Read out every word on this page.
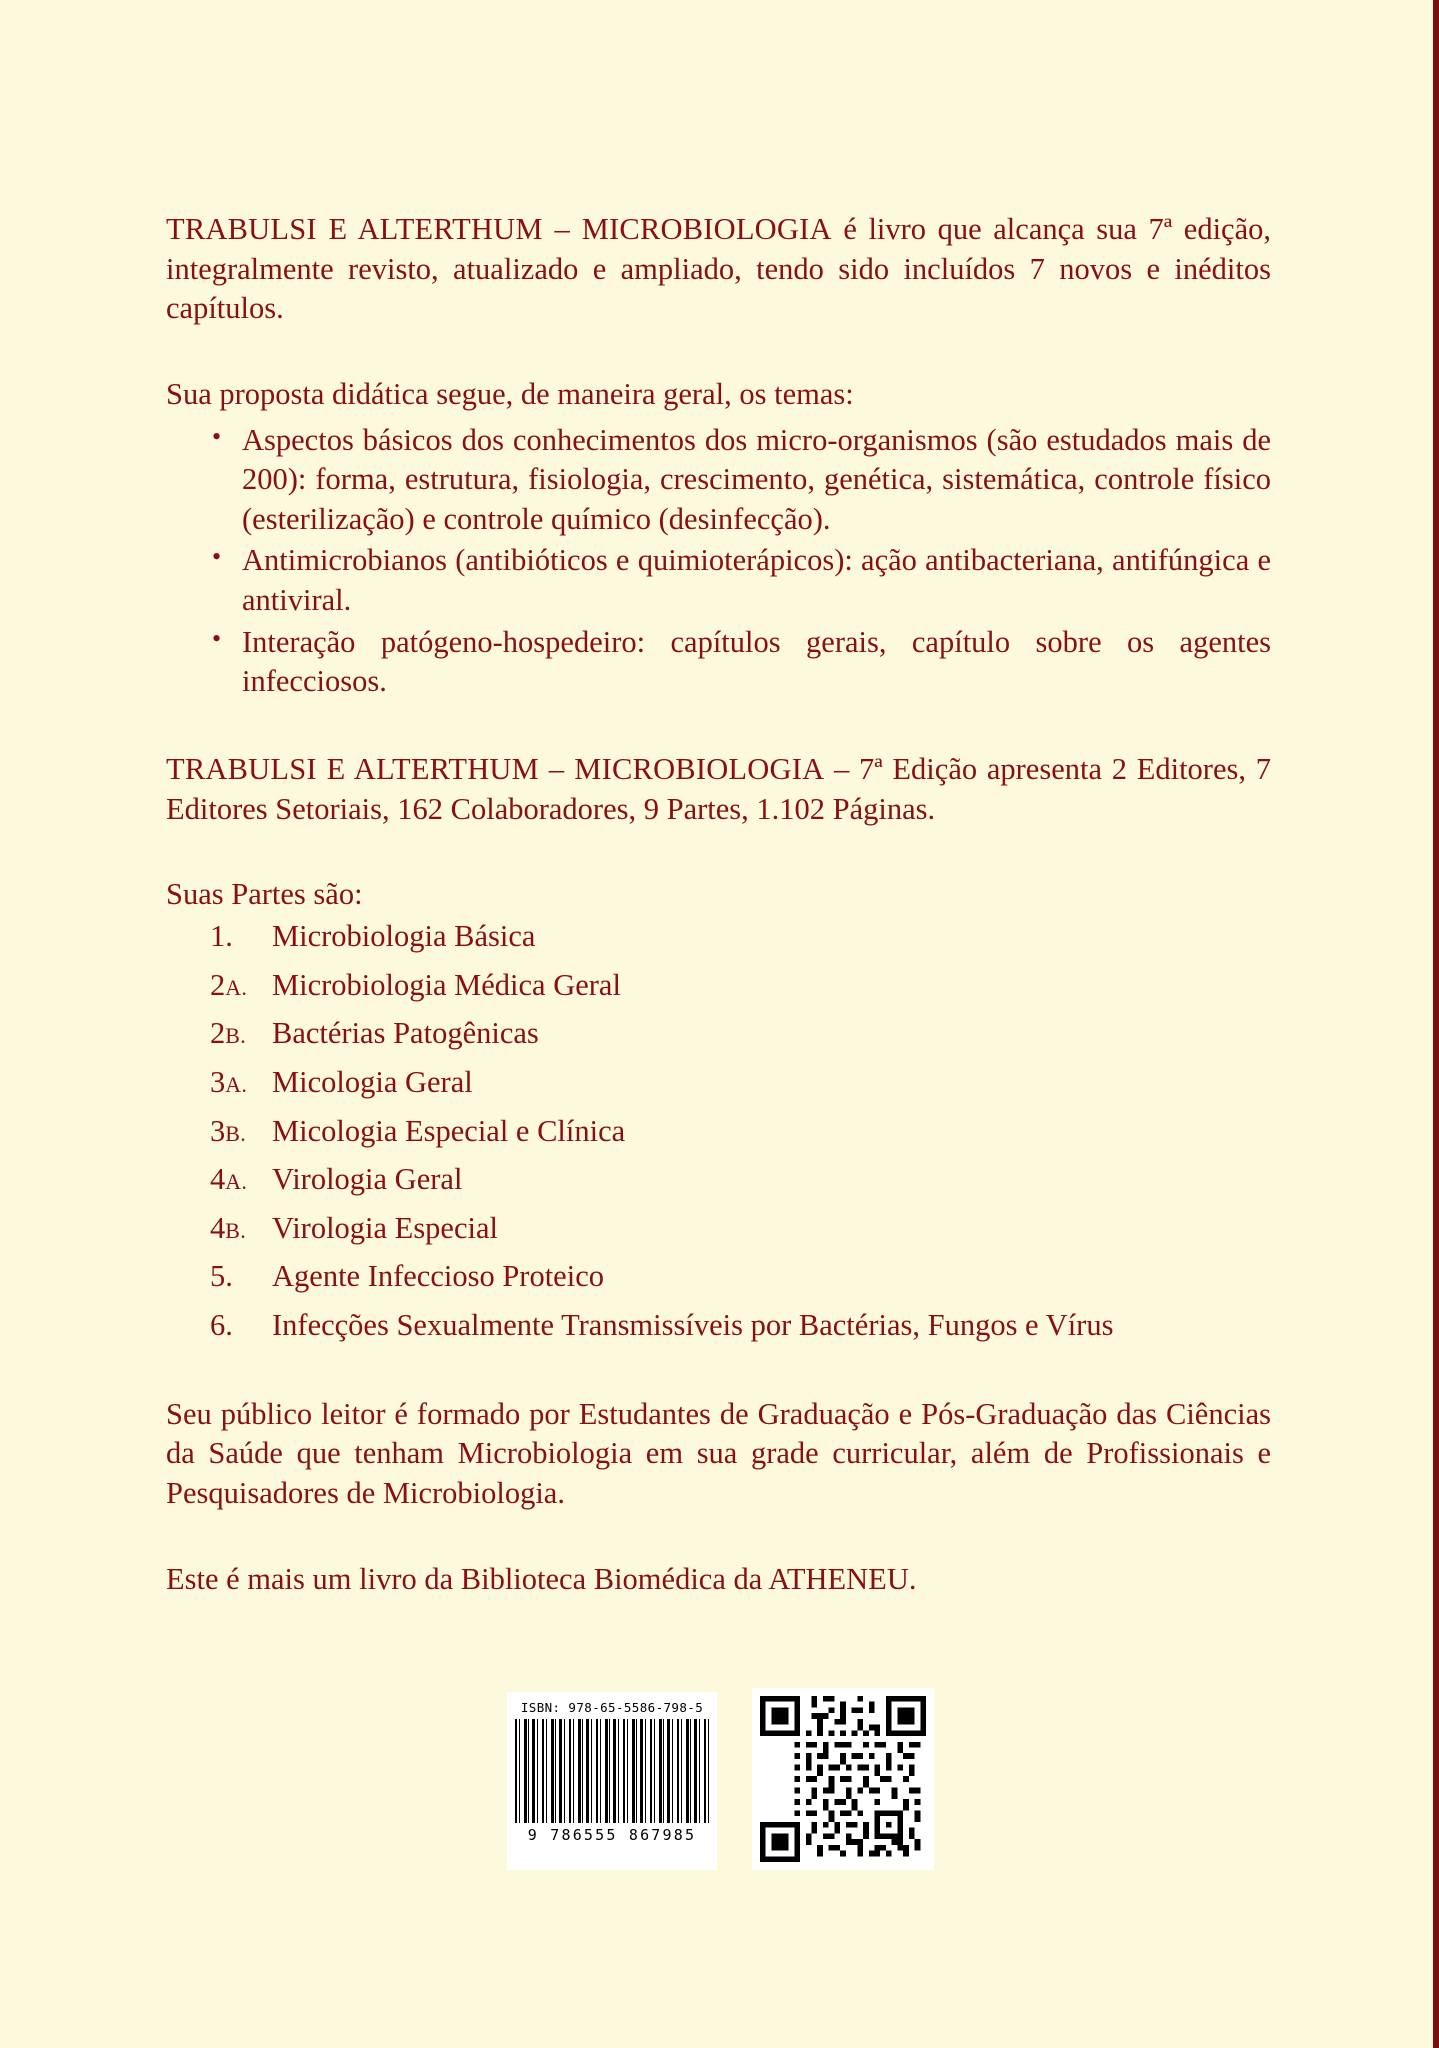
TRABULSI E ALTERTHUM – MICROBIOLOGIA é livro que alcança sua 7ª edição, integralmente revisto, atualizado e ampliado, tendo sido incluídos 7 novos e inéditos capítulos.

Sua proposta didática segue, de maneira geral, os temas:

• Aspectos básicos dos conhecimentos dos micro-organismos (são estudados mais de 200): forma, estrutura, fisiologia, crescimento, genética, sistemática, controle físico (esterilização) e controle químico (desinfecção).
• Antimicrobianos (antibióticos e quimioterápicos): ação antibacteriana, antifúngica e antiviral.
• Interação patógeno-hospedeiro: capítulos gerais, capítulo sobre os agentes infecciosos.

TRABULSI E ALTERTHUM – MICROBIOLOGIA – 7ª Edição apresenta 2 Editores, 7 Editores Setoriais, 162 Colaboradores, 9 Partes, 1.102 Páginas.

Suas Partes são:

1.	Microbiologia Básica
2A. Microbiologia Médica Geral
2B. Bactérias Patogênicas
3A. Micologia Geral
3B. Micologia Especial e Clínica
4A. Virologia Geral
4B. Virologia Especial
5.	Agente Infeccioso Proteico
6.	Infecções Sexualmente Transmissíveis por Bactérias, Fungos e Vírus

Seu público leitor é formado por Estudantes de Graduação e Pós-Graduação das Ciências da Saúde que tenham Microbiologia em sua grade curricular, além de Profissionais e Pesquisadores de Microbiologia.

Este é mais um livro da Biblioteca Biomédica da ATHENEU.

ISBN: 978-65-5586-798-5
9 786555 867985
